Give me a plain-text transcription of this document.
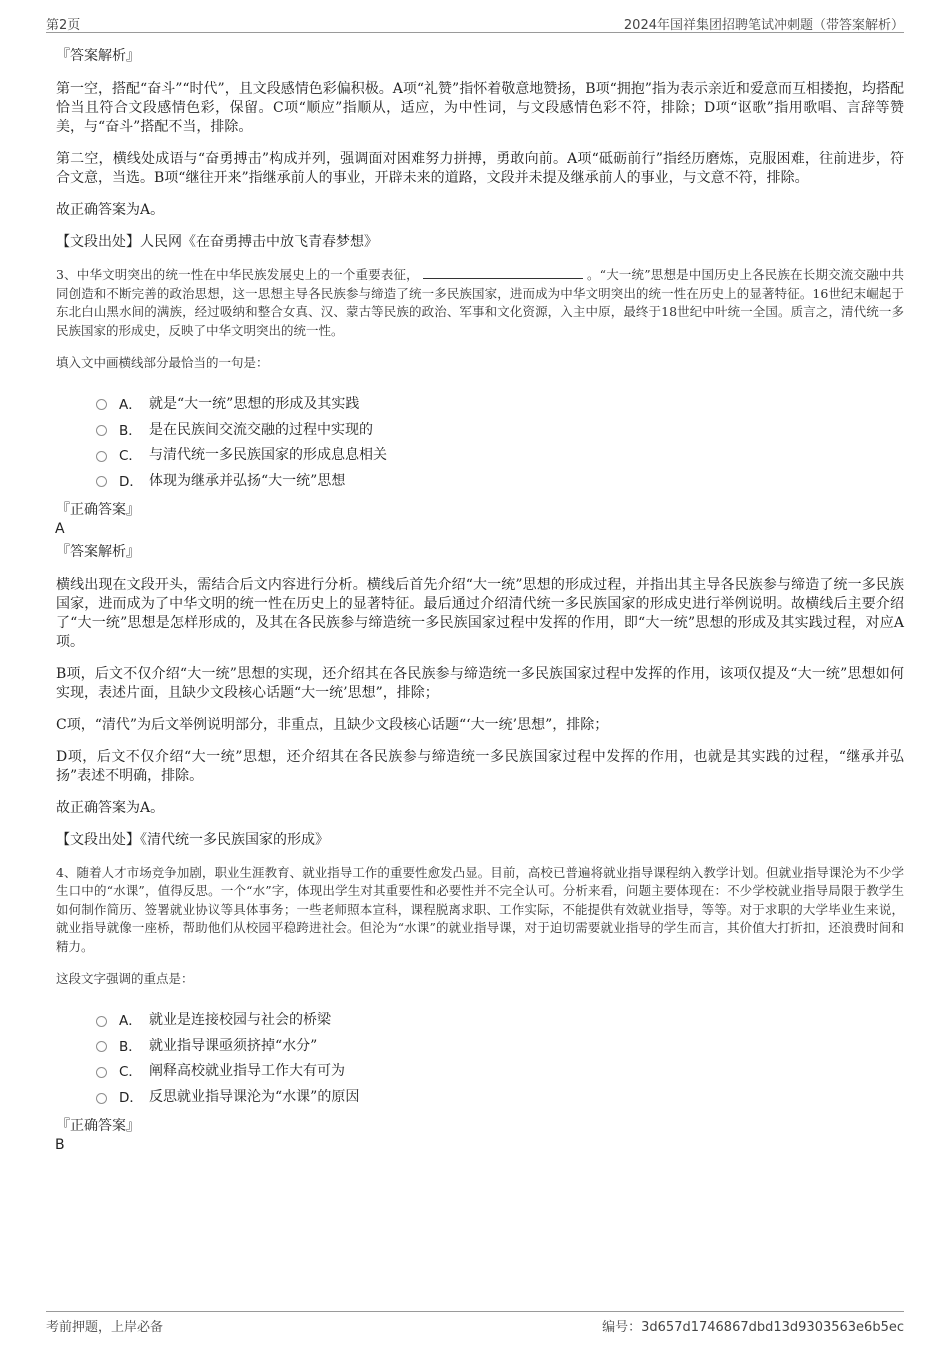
第2页	2024年国祥集团招聘笔试冲刺题（带答案解析）
『答案解析』

第一空，搭配“奋斗”“时代”，且文段感情色彩偏积极。A项“礼赞”指怀着敬意地赞扬，B项“拥抱”指为表示亲近和爱意而互相搂抱，均搭配恰当且符合文段感情色彩，保留。C项“顺应”指顺从，适应，为中性词，与文段感情色彩不符，排除；D项“讴歌”指用歌唱、言辞等赞美，与“奋斗”搭配不当，排除。

第二空，横线处成语与“奋勇搏击”构成并列，强调面对困难努力拼搏，勇敢向前。A项“砥砺前行”指经历磨炼，克服困难，往前进步，符合文意，当选。B项“继往开来”指继承前人的事业，开辟未来的道路，文段并未提及继承前人的事业，与文意不符，排除。

故正确答案为A。

【文段出处】人民网《在奋勇搏击中放飞青春梦想》

3、中华文明突出的统一性在中华民族发展史上的一个重要表征，	。“大一统”思想是中国历史上各民族在长期交流交融中共同创造和不断完善的政治思想，这一思想主导各民族参与缔造了统一多民族国家，进而成为中华文明突出的统一性在历史上的显著特征。16世纪末崛起于东北白山黑水间的满族，经过吸纳和整合女真、汉、蒙古等民族的政治、军事和文化资源，入主中原，最终于18世纪中叶统一全国。质言之，清代统一多民族国家的形成史，反映了中华文明突出的统一性。

填入文中画横线部分最恰当的一句是：

A． 就是“大一统”思想的形成及其实践
B． 是在民族间交流交融的过程中实现的
C． 与清代统一多民族国家的形成息息相关
D． 体现为继承并弘扬“大一统”思想

『正确答案』

A

『答案解析』

横线出现在文段开头，需结合后文内容进行分析。横线后首先介绍“大一统”思想的形成过程，并指出其主导各民族参与缔造了统一多民族国家，进而成为了中华文明的统一性在历史上的显著特征。最后通过介绍清代统一多民族国家的形成史进行举例说明。故横线后主要介绍了“大一统”思想是怎样形成的，及其在各民族参与缔造统一多民族国家过程中发挥的作用，即“大一统”思想的形成及其实践过程，对应A项。

B项，后文不仅介绍“大一统”思想的实现，还介绍其在各民族参与缔造统一多民族国家过程中发挥的作用，该项仅提及“大一统”思想如何实现，表述片面，且缺少文段核心话题“大一统’思想”，排除；

C项，“清代”为后文举例说明部分，非重点，且缺少文段核心话题“‘大一统’思想”，排除；

D项，后文不仅介绍“大一统”思想，还介绍其在各民族参与缔造统一多民族国家过程中发挥的作用，也就是其实践的过程，“继承并弘扬”表述不明确，排除。

故正确答案为A。

【文段出处】《清代统一多民族国家的形成》

4、随着人才市场竞争加剧，职业生涯教育、就业指导工作的重要性愈发凸显。目前，高校已普遍将就业指导课程纳入教学计划。但就业指导课沦为不少学生口中的“水课”，值得反思。一个“水”字，体现出学生对其重要性和必要性并不完全认可。分析来看，问题主要体现在：不少学校就业指导局限于教学生如何制作简历、签署就业协议等具体事务；一些老师照本宣科，课程脱离求职、工作实际，不能提供有效就业指导，等等。对于求职的大学毕业生来说，就业指导就像一座桥，帮助他们从校园平稳跨进社会。但沦为“水课”的就业指导课，对于迫切需要就业指导的学生而言，其价值大打折扣，还浪费时间和精力。

这段文字强调的重点是：

A． 就业是连接校园与社会的桥梁
B． 就业指导课亟须挤掉“水分”
C． 阐释高校就业指导工作大有可为
D． 反思就业指导课沦为“水课”的原因

『正确答案』

B

考前押题，上岸必备	编号：3d657d1746867dbd13d9303563e6b5ec
